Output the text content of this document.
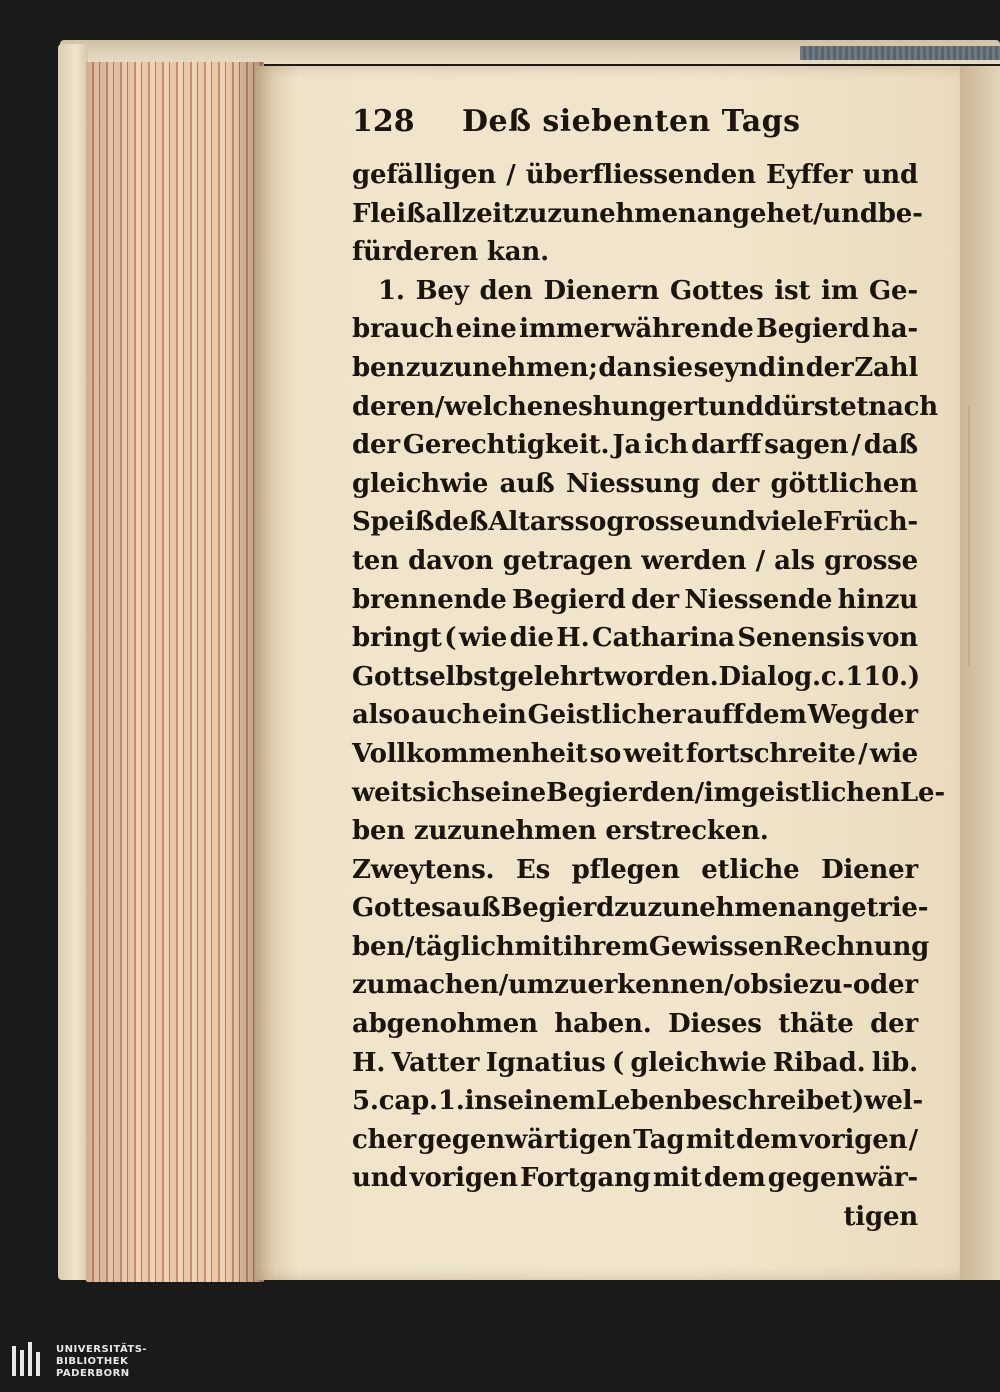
128	Deß siebenten Tags
gefälligen / überfliessenden Eyffer und
Fleiß allzeit zuzunehmen angehet / und be-
fürderen kan.
1. Bey den Dienern Gottes ist im Ge-
brauch eine immerwährende Begierd ha-
ben zuzunehmen; dan sie seynd in der Zahl
deren / welchen es hungert und dürstet nach
der Gerechtigkeit. Ja ich darff sagen / daß
gleichwie auß Niessung der göttlichen
Speiß deß Altars so grosse und viele Früch-
ten davon getragen werden / als grosse
brennende Begierd der Niessende hinzu
bringt ( wie die H. Catharina Senensis von
Gott selbst gelehrt worden. Dialog. c. 110.)
also auch ein Geistlicher auff dem Weg der
Vollkommenheit so weit fortschreite / wie
weit sich seine Begierden / im geistlichen Le-
ben zuzunehmen erstrecken.
Zweytens. Es pflegen etliche Diener
Gottes auß Begierd zuzunehmen angetrie-
ben / täglich mit ihrem Gewissen Rechnung
zu machen / um zu erkennen / ob sie zu- oder
abgenohmen haben. Dieses thäte der
H. Vatter Ignatius ( gleichwie Ribad. lib.
5. cap. 1. in seinem Leben beschreibet ) wel-
cher gegenwärtigen Tag mit dem vorigen /
und vorigen Fortgang mit dem gegenwär-
tigen
UNIVERSITÄTS-
BIBLIOTHEK
PADERBORN
